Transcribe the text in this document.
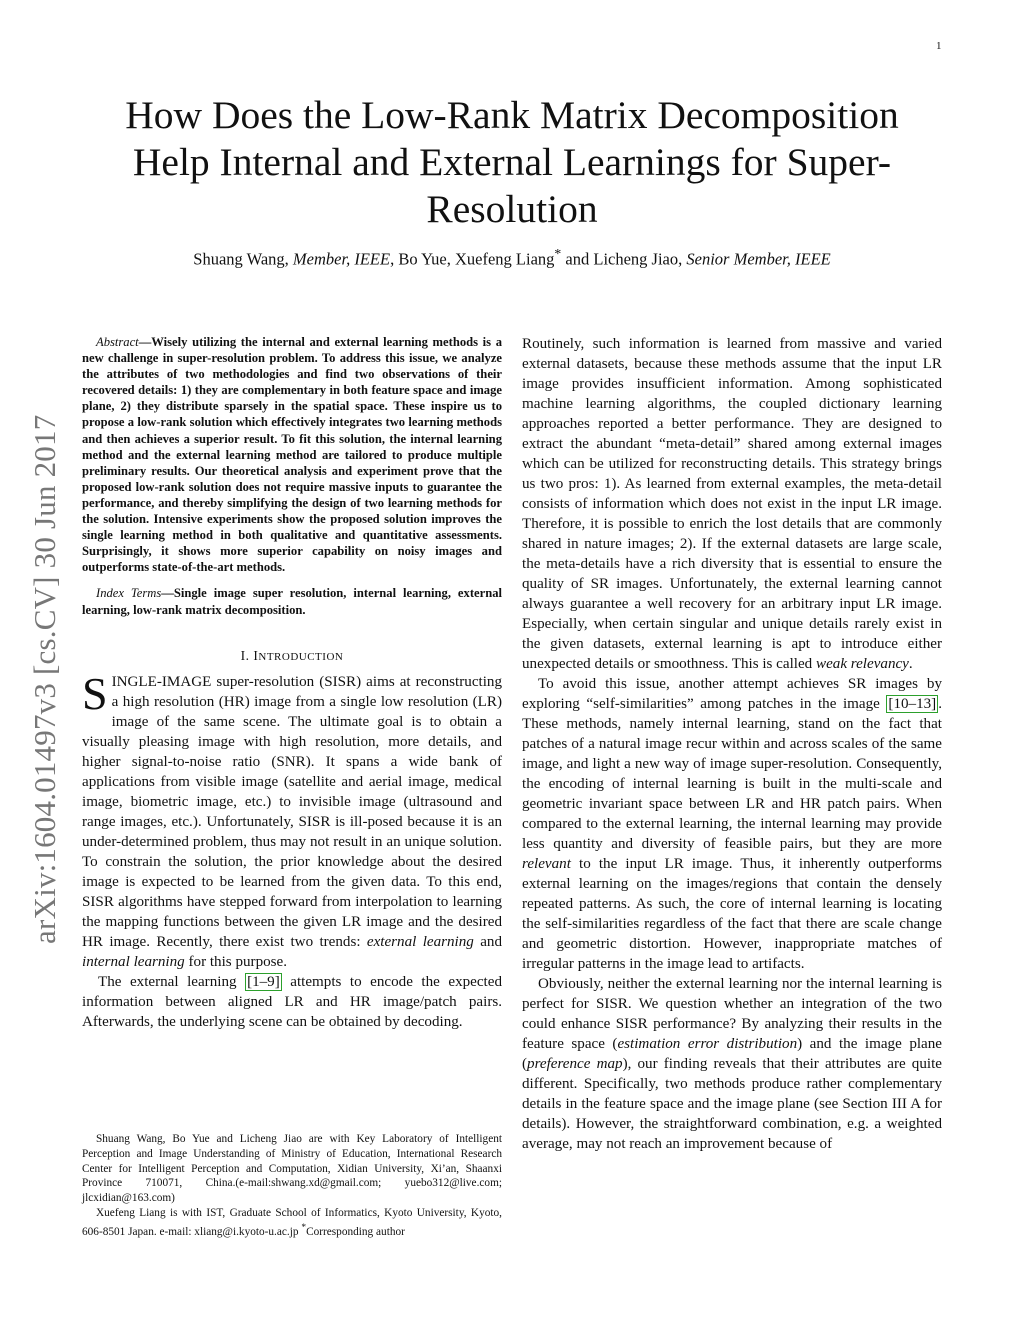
1
arXiv:1604.01497v3 [cs.CV] 30 Jun 2017
How Does the Low-Rank Matrix Decomposition Help Internal and External Learnings for Super-Resolution
Shuang Wang, Member, IEEE, Bo Yue, Xuefeng Liang* and Licheng Jiao, Senior Member, IEEE

Abstract—Wisely utilizing the internal and external learning methods is a new challenge in super-resolution problem. To address this issue, we analyze the attributes of two methodologies and find two observations of their recovered details: 1) they are complementary in both feature space and image plane, 2) they distribute sparsely in the spatial space. These inspire us to propose a low-rank solution which effectively integrates two learning methods and then achieves a superior result. To fit this solution, the internal learning method and the external learning method are tailored to produce multiple preliminary results. Our theoretical analysis and experiment prove that the proposed low-rank solution does not require massive inputs to guarantee the performance, and thereby simplifying the design of two learning methods for the solution. Intensive experiments show the proposed solution improves the single learning method in both qualitative and quantitative assessments. Surprisingly, it shows more superior capability on noisy images and outperforms state-of-the-art methods.

Index Terms—Single image super resolution, internal learning, external learning, low-rank matrix decomposition.

I. INTRODUCTION

SINGLE-IMAGE super-resolution (SISR) aims at reconstructing a high resolution (HR) image from a single low resolution (LR) image of the same scene. The ultimate goal is to obtain a visually pleasing image with high resolution, more details, and higher signal-to-noise ratio (SNR). It spans a wide bank of applications from visible image (satellite and aerial image, medical image, biometric image, etc.) to invisible image (ultrasound and range images, etc.). Unfortunately, SISR is ill-posed because it is an under-determined problem, thus may not result in an unique solution. To constrain the solution, the prior knowledge about the desired image is expected to be learned from the given data. To this end, SISR algorithms have stepped forward from interpolation to learning the mapping functions between the given LR image and the desired HR image. Recently, there exist two trends: external learning and internal learning for this purpose.

The external learning [1–9] attempts to encode the expected information between aligned LR and HR image/patch pairs. Afterwards, the underlying scene can be obtained by decoding.

Shuang Wang, Bo Yue and Licheng Jiao are with Key Laboratory of Intelligent Perception and Image Understanding of Ministry of Education, International Research Center for Intelligent Perception and Computation, Xidian University, Xi’an, Shaanxi Province 710071, China.(e-mail:shwang.xd@gmail.com; yuebo312@live.com; jlcxidian@163.com)

Xuefeng Liang is with IST, Graduate School of Informatics, Kyoto University, Kyoto, 606-8501 Japan. e-mail: xliang@i.kyoto-u.ac.jp *Corresponding author

Routinely, such information is learned from massive and varied external datasets, because these methods assume that the input LR image provides insufficient information. Among sophisticated machine learning algorithms, the coupled dictionary learning approaches reported a better performance. They are designed to extract the abundant “meta-detail” shared among external images which can be utilized for reconstructing details. This strategy brings us two pros: 1). As learned from external examples, the meta-detail consists of information which does not exist in the input LR image. Therefore, it is possible to enrich the lost details that are commonly shared in nature images; 2). If the external datasets are large scale, the meta-details have a rich diversity that is essential to ensure the quality of SR images. Unfortunately, the external learning cannot always guarantee a well recovery for an arbitrary input LR image. Especially, when certain singular and unique details rarely exist in the given datasets, external learning is apt to introduce either unexpected details or smoothness. This is called weak relevancy.

To avoid this issue, another attempt achieves SR images by exploring “self-similarities” among patches in the image [10–13] . These methods, namely internal learning, stand on the fact that patches of a natural image recur within and across scales of the same image, and light a new way of image super-resolution. Consequently, the encoding of internal learning is built in the multi-scale and geometric invariant space between LR and HR patch pairs. When compared to the external learning, the internal learning may provide less quantity and diversity of feasible pairs, but they are more relevant to the input LR image. Thus, it inherently outperforms external learning on the images/regions that contain the densely repeated patterns. As such, the core of internal learning is locating the self-similarities regardless of the fact that there are scale change and geometric distortion. However, inappropriate matches of irregular patterns in the image lead to artifacts.

Obviously, neither the external learning nor the internal learning is perfect for SISR. We question whether an integration of the two could enhance SISR performance? By analyzing their results in the feature space (estimation error distribution) and the image plane (preference map), our finding reveals that their attributes are quite different. Specifically, two methods produce rather complementary details in the feature space and the image plane (see Section III A for details). However, the straightforward combination, e.g. a weighted average, may not reach an improvement because of
